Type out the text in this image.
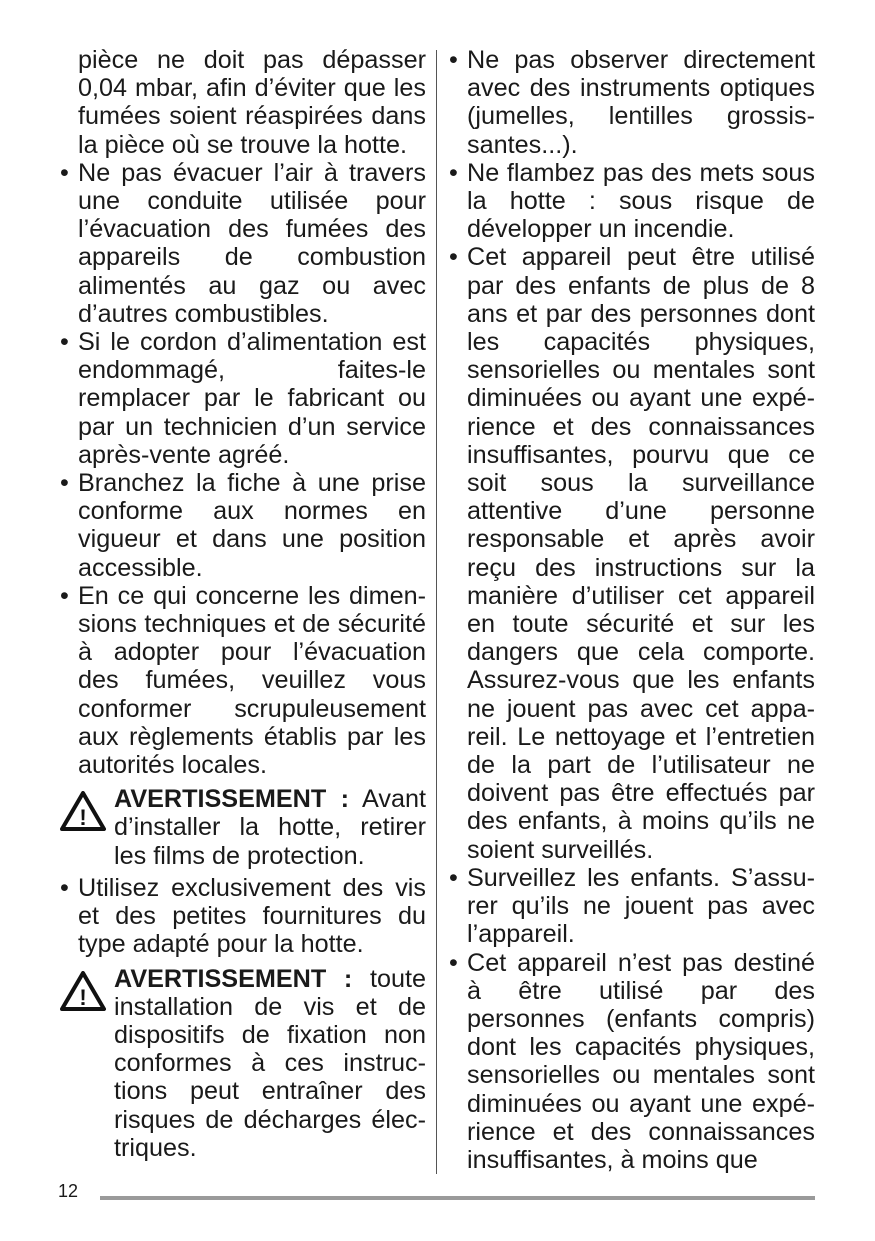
pièce ne doit pas dépasser 0,04 mbar, afin d’éviter que les fumées soient réaspirées dans la pièce où se trouve la hotte.

• Ne pas évacuer l’air à travers une conduite utilisée pour l’évacuation des fumées des appareils de combustion alimentés au gaz ou avec d’autres combustibles.

• Si le cordon d’alimentation est endommagé, faites-le remplacer par le fabricant ou par un technicien d’un service après-vente agréé.

• Branchez la fiche à une prise conforme aux normes en vigueur et dans une position accessible.

• En ce qui concerne les dimensions techniques et de sécurité à adopter pour l’évacuation des fumées, veuillez vous conformer scrupuleusement aux règlements établis par les autorités locales.

!
AVERTISSEMENT : Avant d’installer la hotte, retirer les films de protection.

• Utilisez exclusivement des vis et des petites fournitures du type adapté pour la hotte.

!
AVERTISSEMENT : toute installation de vis et de dispositifs de fixation non conformes à ces instructions peut entraîner des risques de décharges électriques.

• Ne pas observer directement avec des instruments optiques (jumelles, lentilles grossissantes...).

• Ne flambez pas des mets sous la hotte : sous risque de développer un incendie.

• Cet appareil peut être utilisé par des enfants de plus de 8 ans et par des personnes dont les capacités physiques, sensorielles ou mentales sont diminuées ou ayant une expérience et des connaissances insuffisantes, pourvu que ce soit sous la surveillance attentive d’une personne responsable et après avoir reçu des instructions sur la manière d’utiliser cet appareil en toute sécurité et sur les dangers que cela comporte. Assurez-vous que les enfants ne jouent pas avec cet appareil. Le nettoyage et l’entretien de la part de l’utilisateur ne doivent pas être effectués par des enfants, à moins qu’ils ne soient surveillés.

• Surveillez les enfants. S’assurer qu’ils ne jouent pas avec l’appareil.

• Cet appareil n’est pas destiné à être utilisé par des personnes (enfants compris) dont les capacités physiques, sensorielles ou mentales sont diminuées ou ayant une expérience et des connaissances insuffisantes, à moins que

12
